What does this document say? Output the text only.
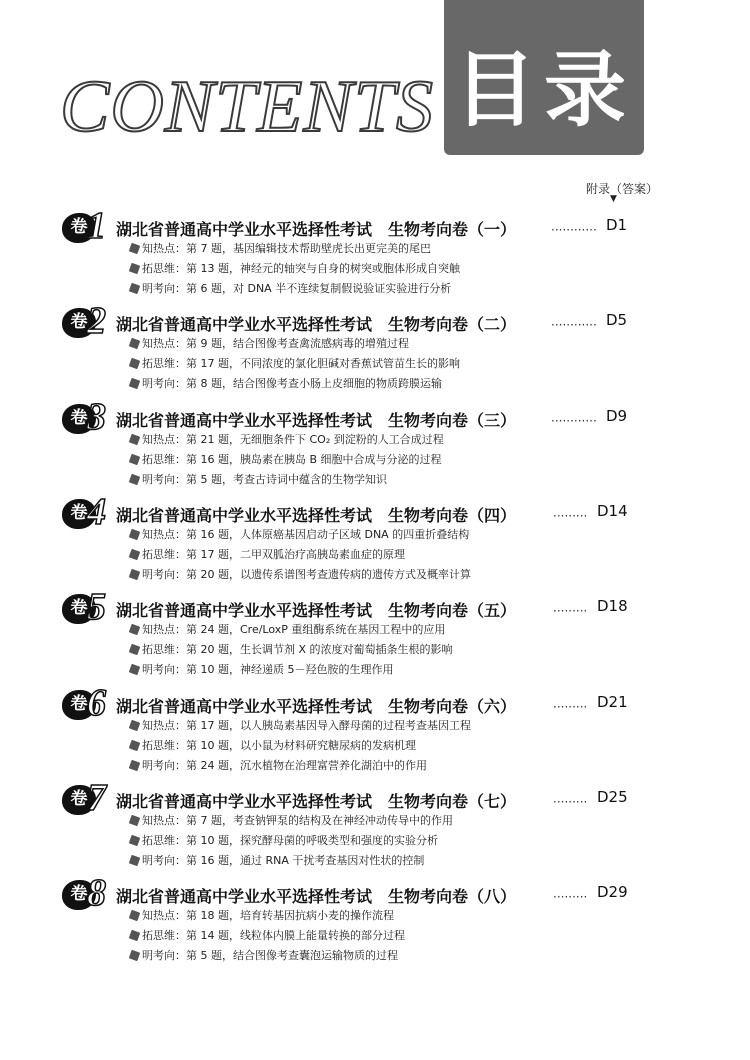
CONTENTS 目录
附录（答案）
▼
卷 1 湖北省普通高中学业水平选择性考试　生物考向卷（一）	············ D1
知热点：第 7 题，基因编辑技术帮助壁虎长出更完美的尾巴
拓思维：第 13 题，神经元的轴突与自身的树突或胞体形成自突触
明考向：第 6 题，对 DNA 半不连续复制假说验证实验进行分析
卷 2 湖北省普通高中学业水平选择性考试　生物考向卷（二）	············ D5
知热点：第 9 题，结合图像考查禽流感病毒的增殖过程
拓思维：第 17 题，不同浓度的氯化胆碱对香蕉试管苗生长的影响
明考向：第 8 题，结合图像考查小肠上皮细胞的物质跨膜运输
卷 3 湖北省普通高中学业水平选择性考试　生物考向卷（三）	············ D9
知热点：第 21 题，无细胞条件下 CO₂ 到淀粉的人工合成过程
拓思维：第 16 题，胰岛素在胰岛 B 细胞中合成与分泌的过程
明考向：第 5 题，考查古诗词中蕴含的生物学知识
卷 4 湖北省普通高中学业水平选择性考试　生物考向卷（四）	········· D14
知热点：第 16 题，人体原癌基因启动子区域 DNA 的四重折叠结构
拓思维：第 17 题，二甲双胍治疗高胰岛素血症的原理
明考向：第 20 题，以遗传系谱图考查遗传病的遗传方式及概率计算
卷 5 湖北省普通高中学业水平选择性考试　生物考向卷（五）	········· D18
知热点：第 24 题，Cre/LoxP 重组酶系统在基因工程中的应用
拓思维：第 20 题，生长调节剂 X 的浓度对葡萄插条生根的影响
明考向：第 10 题，神经递质 5－羟色胺的生理作用
卷 6 湖北省普通高中学业水平选择性考试　生物考向卷（六）	········· D21
知热点：第 17 题，以人胰岛素基因导入酵母菌的过程考查基因工程
拓思维：第 10 题，以小鼠为材料研究糖尿病的发病机理
明考向：第 24 题，沉水植物在治理富营养化湖泊中的作用
卷 7 湖北省普通高中学业水平选择性考试　生物考向卷（七）	········· D25
知热点：第 7 题，考查钠钾泵的结构及在神经冲动传导中的作用
拓思维：第 10 题，探究酵母菌的呼吸类型和强度的实验分析
明考向：第 16 题，通过 RNA 干扰考查基因对性状的控制
卷 8 湖北省普通高中学业水平选择性考试　生物考向卷（八）	········· D29
知热点：第 18 题，培育转基因抗病小麦的操作流程
拓思维：第 14 题，线粒体内膜上能量转换的部分过程
明考向：第 5 题，结合图像考查囊泡运输物质的过程
